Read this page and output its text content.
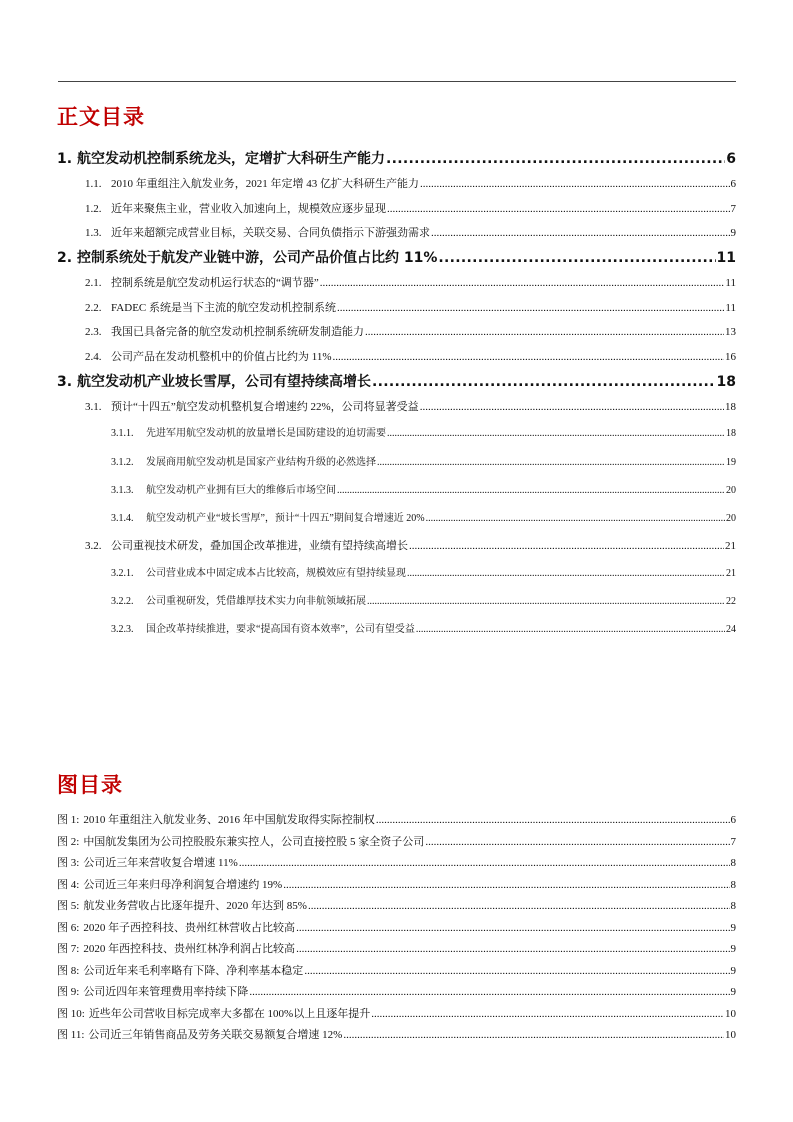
正文目录
1. 航空发动机控制系统龙头，定增扩大科研生产能力 .....	6
1.1. 2010 年重组注入航发业务，2021 年定增 43 亿扩大科研生产能力 .....	6
1.2. 近年来聚焦主业，营业收入加速向上，规模效应逐步显现 .....	7
1.3. 近年来超额完成营业目标，关联交易、合同负债指示下游强劲需求 .....	9
2. 控制系统处于航发产业链中游，公司产品价值占比约 11% .....	11
2.1. 控制系统是航空发动机运行状态的“调节器” .....	11
2.2. FADEC 系统是当下主流的航空发动机控制系统 .....	11
2.3. 我国已具备完备的航空发动机控制系统研发制造能力 .....	13
2.4. 公司产品在发动机整机中的价值占比约为 11% .....	16
3. 航空发动机产业坡长雪厚，公司有望持续高增长 .....	18
3.1. 预计“十四五”航空发动机整机复合增速约 22%，公司将显著受益 .....	18
3.1.1.	先进军用航空发动机的放量增长是国防建设的迫切需要 .....	18
3.1.2.	发展商用航空发动机是国家产业结构升级的必然选择 .....	19
3.1.3.	航空发动机产业拥有巨大的维修后市场空间 .....	20
3.1.4.	航空发动机产业“坡长雪厚”，预计“十四五”期间复合增速近 20% .....	20
3.2. 公司重视技术研发，叠加国企改革推进，业绩有望持续高增长 .....	21
3.2.1.	公司营业成本中固定成本占比较高，规模效应有望持续显现 .....	21
3.2.2.	公司重视研发，凭借雄厚技术实力向非航领域拓展 .....	22
3.2.3.	国企改革持续推进，要求“提高国有资本效率”，公司有望受益 .....	24
图目录
图 1: 2010 年重组注入航发业务、2016 年中国航发取得实际控制权 .....	6
图 2: 中国航发集团为公司控股股东兼实控人，公司直接控股 5 家全资子公司 .....	7
图 3: 公司近三年来营收复合增速 11% .....	8
图 4: 公司近三年来归母净利润复合增速约 19% .....	8
图 5: 航发业务营收占比逐年提升、2020 年达到 85% .....	8
图 6: 2020 年子西控科技、贵州红林营收占比较高 .....	9
图 7: 2020 年西控科技、贵州红林净利润占比较高 .....	9
图 8: 公司近年来毛利率略有下降、净利率基本稳定 .....	9
图 9: 公司近四年来管理费用率持续下降 .....	9
图 10: 近些年公司营收目标完成率大多都在 100%以上且逐年提升 .....	10
图 11: 公司近三年销售商品及劳务关联交易额复合增速 12% .....	10
